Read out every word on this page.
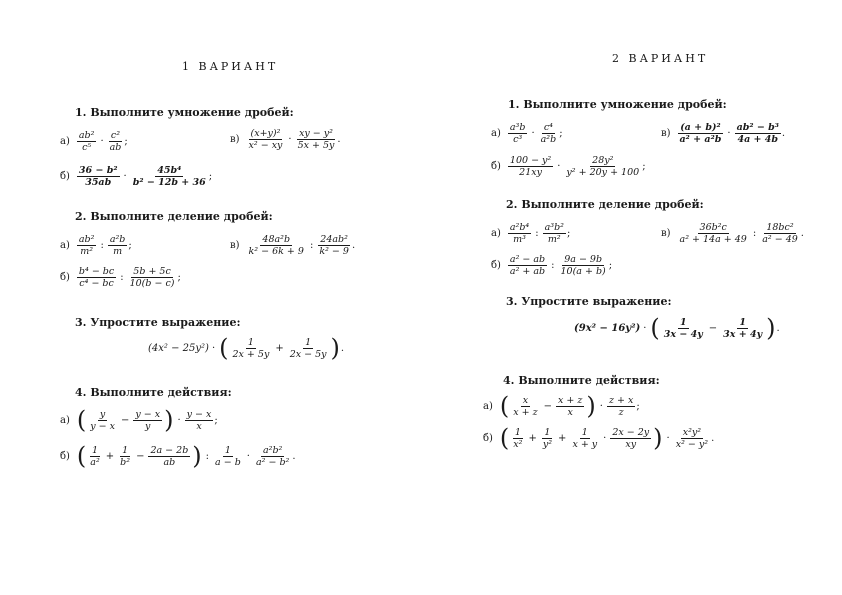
1 ВАРИАНТ
1. Выполните умножение дробей:
$а) \frac{\text{ab²}}{\text{c⁵}} \cdot \frac{\text{c²}}{ab}$ ;	$в) \frac{\text{(x+y)²}}{\text{x² − xy}} \cdot \frac{\text{xy − y²}}{5x + 5y}$ .
$б) \frac{\text{36 − b²}}{35ab} \cdot \frac{\text{45b⁴}}{\text{b² − 12b + 36}}$ ;
2. Выполните деление дробей:
$а) \frac{\text{ab²}}{\text{m²}}$ : $\frac{\text{a²b}}{m}$ ;	$в) \frac{\text{48a²b}}{\text{k² − 6k + 9}}$ : $\frac{\text{24ab²}}{\text{k² − 9}}$ .
$б) \frac{\text{b⁴ − bc}}{\text{c⁴ − bc}}$ : $\frac{5b + 5c}{10(b - c)}$ ;
3. Упростите выражение:
(4x² − 25y²) · ( $\frac{1}{2x + 5y} + \frac{1}{2x - 5y}$ ) .
4. Выполните действия:
а) ( $\frac{y}{y - x} - \frac{y - x}{y}$ ) · $\frac{y - x}{x}$ ;
б) ( $\frac{1}{\text{a²}} + \frac{1}{\text{b²}} - \frac{2a - 2b}{ab}$ ) : $\frac{1}{a - b} \cdot \frac{\text{a²b²}}{\text{a² − b²}}$ .
2 ВАРИАНТ
1. Выполните умножение дробей:
$а) \frac{\text{a³b}}{\text{c³}} \cdot \frac{\text{c⁴}}{\text{a²b}}$ ;	$в) \frac{\text{(a + b)²}}{\text{a² + a²b}} \cdot \frac{\text{ab² − b³}}{4a + 4b}$ .
$б) \frac{\text{100 − y²}}{21xy} \cdot \frac{\text{28y²}}{\text{y² + 20y + 100}}$ ;
2. Выполните деление дробей:
$а) \frac{\text{a²b⁴}}{\text{m³}}$ : $\frac{\text{a³b²}}{\text{m²}}$ ;	$в) \frac{\text{36b²c}}{\text{a² + 14a + 49}}$ : $\frac{\text{18bc²}}{\text{a² − 49}}$ .
$б) \frac{\text{a² − ab}}{\text{a² + ab}}$ : $\frac{9a - 9b}{10(a + b)}$ ;
3. Упростите выражение:
(9x² − 16y²) · ( $\frac{1}{3x - 4y} - \frac{1}{3x + 4y}$ ) .
4. Выполните действия:
а) ( $\frac{x}{x + z} - \frac{x + z}{x}$ ) · $\frac{z + x}{z}$ ;
б) ( $\frac{1}{\text{x²}} + \frac{1}{\text{y²}} + \frac{1}{x + y} \cdot \frac{2x - 2y}{xy}$ ) · $\frac{\text{x²y²}}{\text{x² − y²}}$ .
